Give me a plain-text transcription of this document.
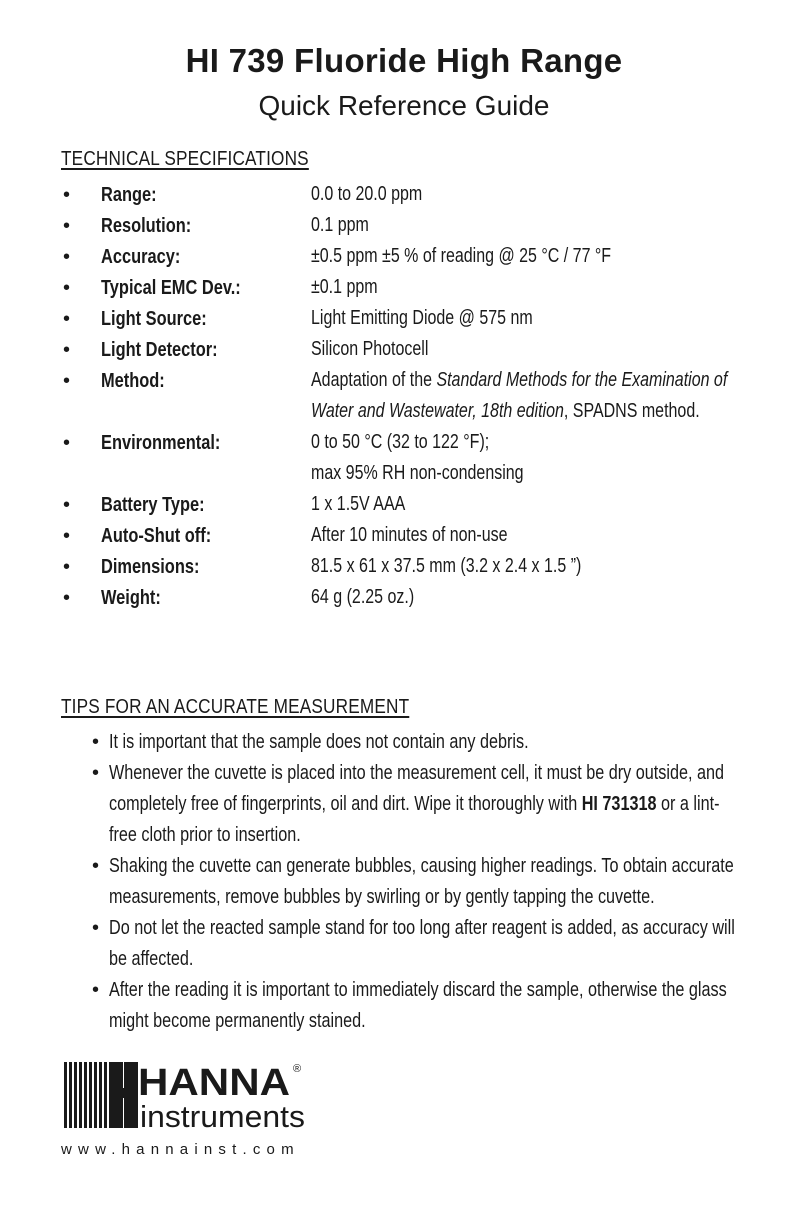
HI 739 Fluoride High Range
Quick Reference Guide
TECHNICAL SPECIFICATIONS
• Range:	0.0 to 20.0 ppm
• Resolution:	0.1 ppm
• Accuracy:	±0.5 ppm ±5 % of reading @ 25 °C / 77 °F
• Typical EMC Dev.:	±0.1 ppm
• Light Source:	Light Emitting Diode @ 575 nm
• Light Detector:	Silicon Photocell
• Method:	Adaptation of the Standard Methods for the Examination of Water and Wastewater, 18th edition, SPADNS method.
• Environmental:	0 to 50 °C (32 to 122 °F);
max 95% RH non-condensing
• Battery Type:	1 x 1.5V AAA
• Auto-Shut off:	After 10 minutes of non-use
• Dimensions:	81.5 x 61 x 37.5 mm (3.2 x 2.4 x 1.5 ”)
• Weight:	64 g (2.25 oz.)
TIPS FOR AN ACCURATE MEASUREMENT
• It is important that the sample does not contain any debris.
• Whenever the cuvette is placed into the measurement cell, it must be dry outside, and completely free of fingerprints, oil and dirt. Wipe it thoroughly with HI 731318 or a lint-free cloth prior to insertion.
• Shaking the cuvette can generate bubbles, causing higher readings. To obtain accurate measurements, remove bubbles by swirling or by gently tapping the cuvette.
• Do not let the reacted sample stand for too long after reagent is added, as accuracy will be affected.
• After the reading it is important to immediately discard the sample, otherwise the glass might become permanently stained.
HANNA ®
instruments
www.hannainst.com
